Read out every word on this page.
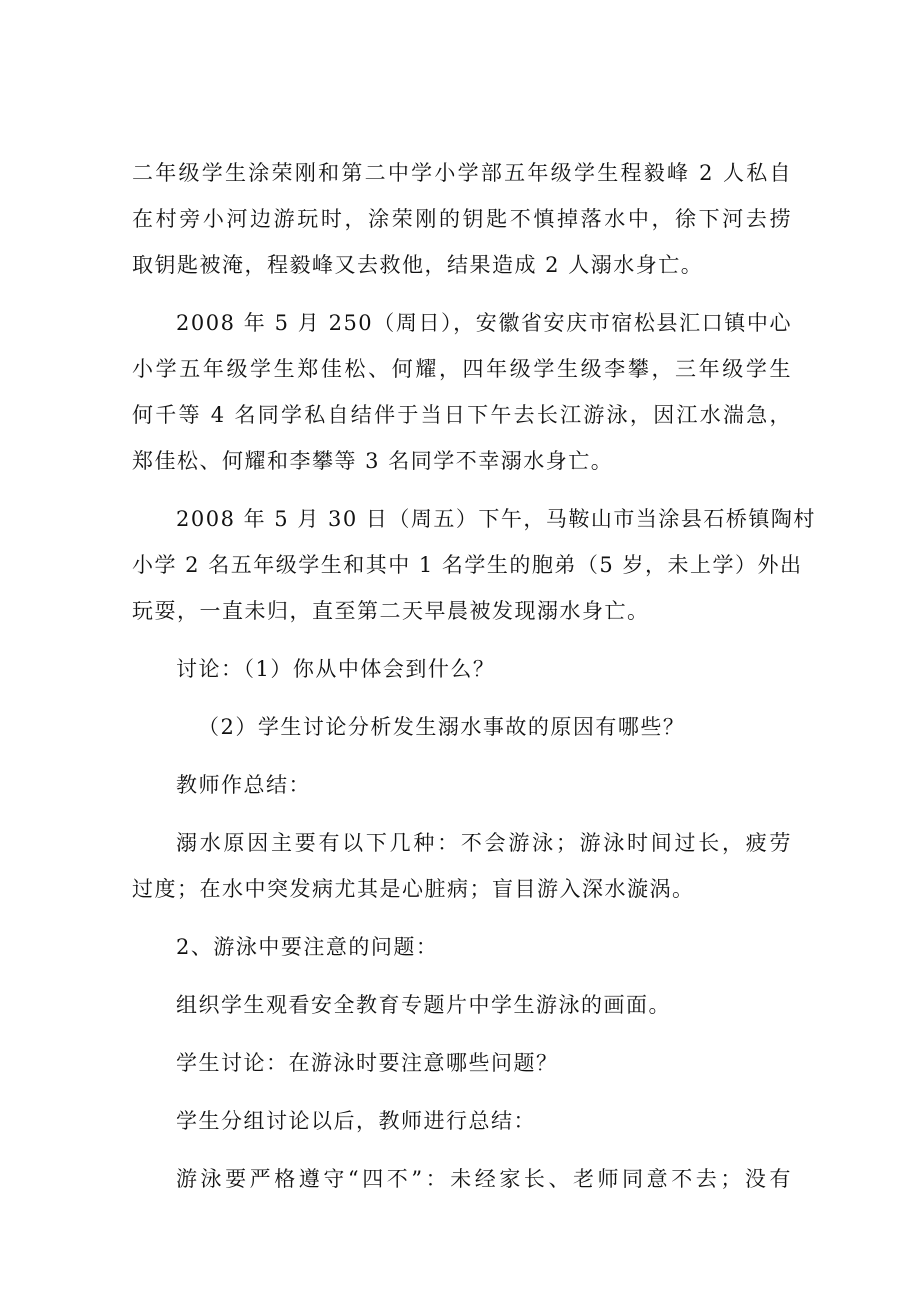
二年级学生涂荣刚和第二中学小学部五年级学生程毅峰 2 人私自
在村旁小河边游玩时，涂荣刚的钥匙不慎掉落水中，徐下河去捞
取钥匙被淹，程毅峰又去救他，结果造成 2 人溺水身亡。
2008 年 5 月 250（周日），安徽省安庆市宿松县汇口镇中心
小学五年级学生郑佳松、何耀，四年级学生级李攀，三年级学生
何千等 4 名同学私自结伴于当日下午去长江游泳，因江水湍急，
郑佳松、何耀和李攀等 3 名同学不幸溺水身亡。
2008 年 5 月 30 日（周五）下午，马鞍山市当涂县石桥镇陶村
小学 2 名五年级学生和其中 1 名学生的胞弟（5 岁，未上学）外出
玩耍，一直未归，直至第二天早晨被发现溺水身亡。
讨论：（1）你从中体会到什么？
（2）学生讨论分析发生溺水事故的原因有哪些？
教师作总结：
溺水原因主要有以下几种：不会游泳；游泳时间过长，疲劳
过度；在水中突发病尤其是心脏病；盲目游入深水漩涡。
2、游泳中要注意的问题：
组织学生观看安全教育专题片中学生游泳的画面。
学生讨论：在游泳时要注意哪些问题？
学生分组讨论以后，教师进行总结：
游泳要严格遵守“四不”：未经家长、老师同意不去；没有
